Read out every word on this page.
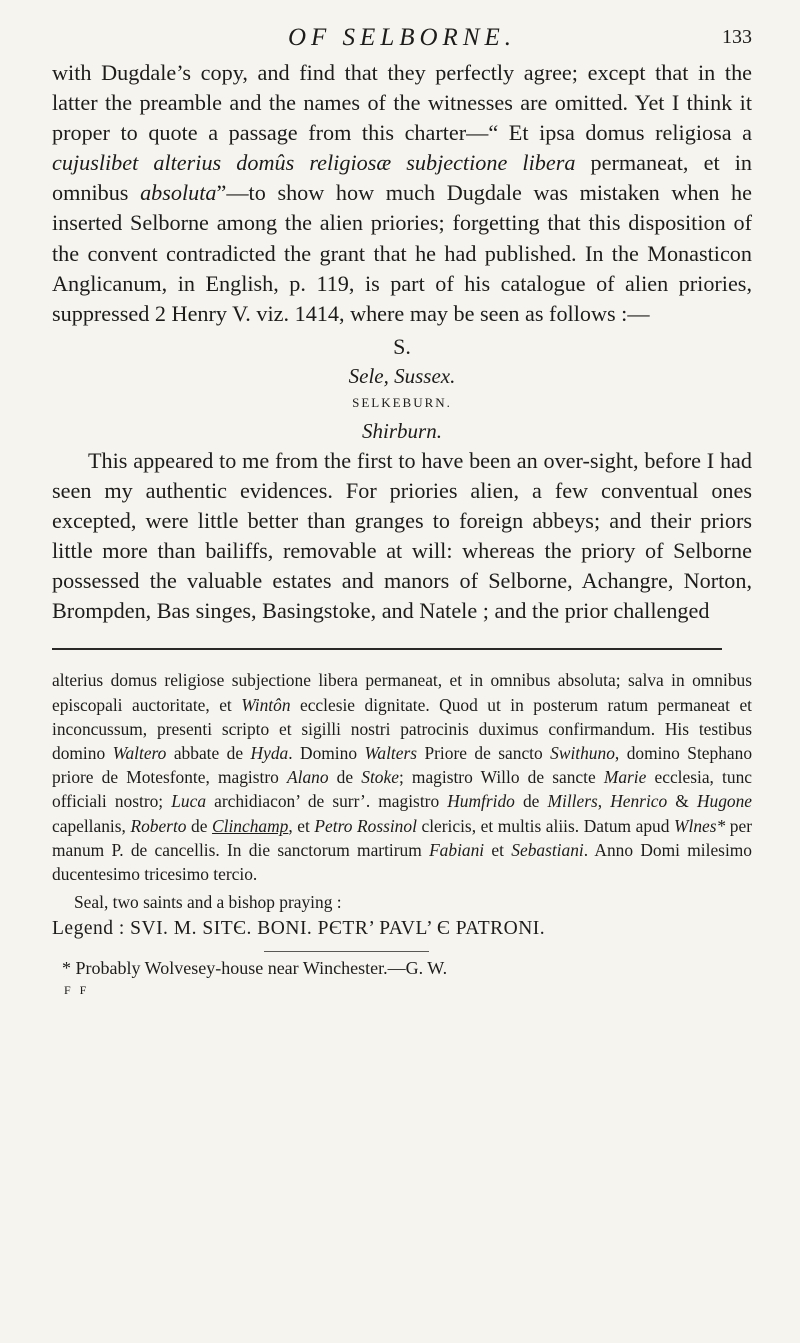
OF SELBORNE.	133

with Dugdale’s copy, and find that they perfectly agree; except that in the latter the preamble and the names of the witnesses are omitted. Yet I think it proper to quote a passage from this charter—“ Et ipsa domus religiosa a cujuslibet alterius domûs religiosæ subjectione libera permaneat, et in omnibus absoluta”—to show how much Dugdale was mistaken when he inserted Selborne among the alien priories; forgetting that this disposition of the convent contradicted the grant that he had published. In the Monasticon Anglicanum, in English, p. 119, is part of his catalogue of alien priories, suppressed 2 Henry V. viz. 1414, where may be seen as follows :—

S.
Sele, Sussex.
SELKEBURN.
Shirburn.

This appeared to me from the first to have been an over-sight, before I had seen my authentic evidences. For priories alien, a few conventual ones excepted, were little better than granges to foreign abbeys; and their priors little more than bailiffs, removable at will: whereas the priory of Selborne possessed the valuable estates and manors of Selborne, Achangre, Norton, Brompden, Bas singes, Basingstoke, and Natele ; and the prior challenged

alterius domus religiose subjectione libera permaneat, et in omnibus absoluta; salva in omnibus episcopali auctoritate, et Wintôn ecclesie dignitate. Quod ut in posterum ratum permaneat et inconcussum, presenti scripto et sigilli nostri patrocinis duximus confirmandum. His testibus domino Waltero abbate de Hyda. Domino Walters Priore de sancto Swithuno, domino Stephano priore de Motesfonte, magistro Alano de Stoke; magistro Willo de sancte Marie ecclesia, tunc officiali nostro; Luca archidiacon’ de surr’. magistro Humfrido de Millers, Henrico & Hugone capellanis, Roberto de Clinchamp, et Petro Rossinol clericis, et multis aliis. Datum apud Wlnes* per manum P. de cancellis. In die sanctorum martirum Fabiani et Sebastiani. Anno Domi milesimo ducentesimo tricesimo tercio.

Seal, two saints and a bishop praying :

Legend : SVI. M. SITЄ. BONI. PЄTR’ PAVL’ Є PATRONI.

* Probably Wolvesey-house near Winchester.—G. W.

F F
